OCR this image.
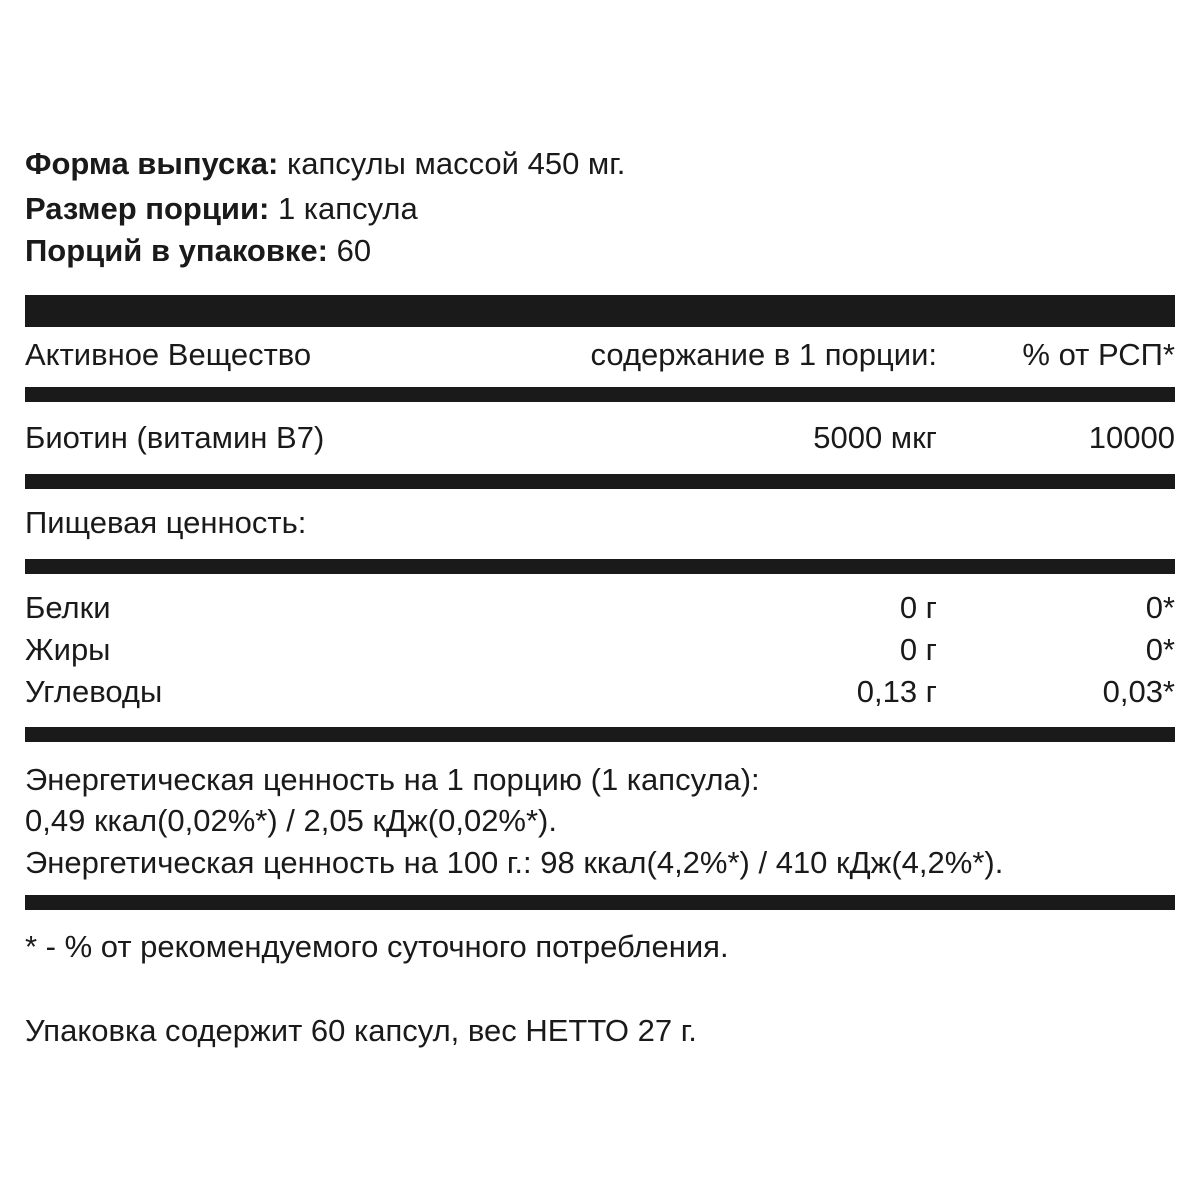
Форма выпуска: капсулы массой 450 мг.
Размер порции: 1 капсула
Порций в упаковке: 60
Активное Вещество	содержание в 1 порции:	% от РСП*
Биотин (витамин В7)	5000 мкг	10000
Пищевая ценность:
Белки	0 г	0*
Жиры	0 г	0*
Углеводы	0,13 г	0,03*
Энергетическая ценность на 1 порцию (1 капсула):
0,49 ккал(0,02%*) / 2,05 кДж(0,02%*).
Энергетическая ценность на 100 г.: 98 ккал(4,2%*) / 410 кДж(4,2%*).
* - % от рекомендуемого суточного потребления.
Упаковка содержит 60 капсул, вес НЕТТО 27 г.
